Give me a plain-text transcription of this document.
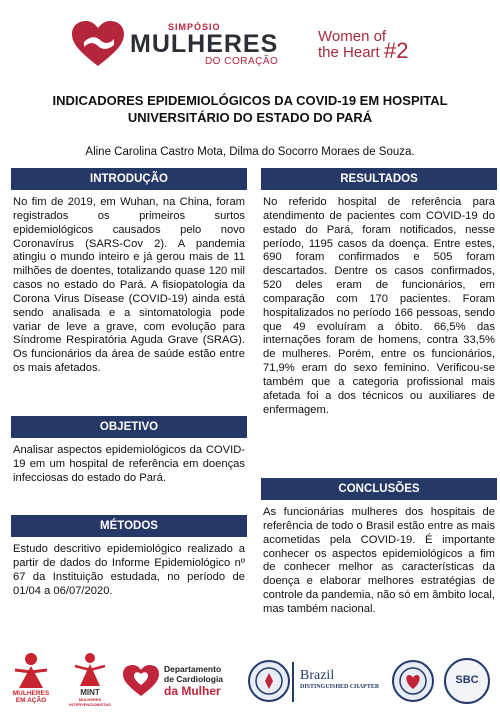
SIMPÓSIO
MULHERES
DO CORAÇÃO
Women of
the Heart #2
INDICADORES EPIDEMIOLÓGICOS DA COVID-19 EM HOSPITAL
UNIVERSITÁRIO DO ESTADO DO PARÁ
Aline Carolina Castro Mota, Dilma do Socorro Moraes de Souza.
INTRODUÇÃO
No fim de 2019, em Wuhan, na China, foram registrados os primeiros surtos epidemiológicos causados pelo novo Coronavírus (SARS-Cov 2). A pandemia atingiu o mundo inteiro e já gerou mais de 11 milhões de doentes, totalizando quase 120 mil casos no estado do Pará. A fisiopatologia da Corona Virus Disease (COVID-19) ainda está sendo analisada e a sintomatologia pode variar de leve a grave, com evolução para Síndrome Respiratória Aguda Grave (SRAG). Os funcionários da área de saúde estão entre os mais afetados.
OBJETIVO
Analisar aspectos epidemiológicos da COVID-19 em um hospital de referência em doenças infecciosas do estado do Pará.
MÉTODOS
Estudo descritivo epidemiológico realizado a partir de dados do Informe Epidemiológico nº 67 da Instituição estudada, no período de 01/04 a 06/07/2020.
RESULTADOS
No referido hospital de referência para atendimento de pacientes com COVID-19 do estado do Pará, foram notificados, nesse período, 1195 casos da doença. Entre estes, 690 foram confirmados e 505 foram descartados. Dentre os casos confirmados, 520 deles eram de funcionários, em comparação com 170 pacientes. Foram hospitalizados no período 166 pessoas, sendo que 49 evoluíram a óbito. 66,5% das internações foram de homens, contra 33,5% de mulheres. Porém, entre os funcionários, 71,9% eram do sexo feminino. Verificou-se também que a categoria profissional mais afetada foi a dos técnicos ou auxiliares de enfermagem.
CONCLUSÕES
As funcionárias mulheres dos hospitais de referência de todo o Brasil estão entre as mais acometidas pela COVID-19. É importante conhecer os aspectos epidemiológicos a fim de conhecer melhor as características da doença e elaborar melhores estratégias de controle da pandemia, não só em âmbito local, mas também nacional.
MULHERES EM AÇÃO
MINT
MULHERES INTERVENCIONISTAS
Departamento
de Cardiologia
da Mulher
Brazil
DISTINGUISHED CHAPTER
SBC
